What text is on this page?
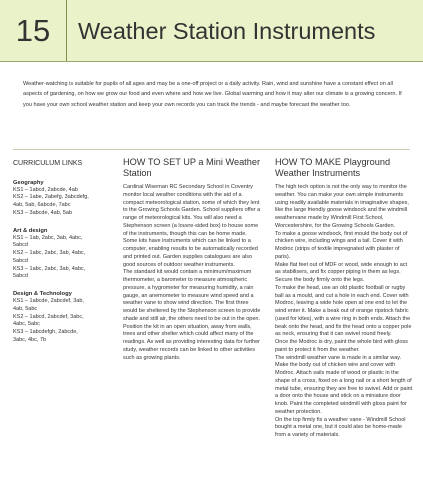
15	Weather Station Instruments

Weather-watching is suitable for pupils of all ages and may be a one-off project or a daily activity. Rain, wind and sunshine have a constant effect on all aspects of gardening, on how we grow our food and even where and how we live. Global warming and how it may alter our climate is a growing concern. If you have your own school weather station and keep your own records you can track the trends - and maybe forecast the weather too.

CURRICULUM LINKS
Geography
KS1 – 1abcd, 2abcde, 4ab
KS2 – 1abe, 2abefg, 3abcdefg, 4ab, 5ab, 6abcde, 7abc
KS3 – 3abcde, 4ab, 5ab
Art & design
KS1 – 1ab, 2abc, 3ab, 4abc, 5abcd
KS2 – 1abc, 2abc, 3ab, 4abc, 5abcd
KS3 – 1abc, 2abc, 3ab, 4abc, 5abcd
Design & Technology
KS1 – 1abcde, 2abcdef, 3ab, 4ab, 5abc
KS2 – 1abcd, 2abcdef, 3abc, 4abc, 5abc
KS3 – 1abcdefgh, 2abcde, 3abc, 4bc, 7b
HOW TO SET UP a Mini Weather Station

Cardinal Wiseman RC Secondary School in Coventry monitor local weather conditions with the aid of a compact meteorological station, some of which they lent to the Growing Schools Garden. School suppliers offer a range of meteorological kits. You will also need a Stephenson screen (a louvre-sided box) to house some of the instruments, though this can be home made. Some kits have instruments which can be linked to a computer, enabling results to be automatically recorded and printed out. Garden supplies catalogues are also good sources of outdoor weather instruments.
The standard kit would contain a minimum/maximum thermometer, a barometer to measure atmospheric pressure, a hygrometer for measuring humidity, a rain gauge, an anemometer to measure wind speed and a weather vane to show wind direction. The first three would be sheltered by the Stephenson screen to provide shade and still air, the others need to be out in the open.
Position the kit in an open situation, away from walls, trees and other shelter which could affect many of the readings. As well as providing interesting data for further study, weather records can be linked to other activities such as growing plants.

HOW TO MAKE Playground Weather Instruments

The high tech option is not the only way to monitor the weather. You can make your own simple instruments using readily available materials in imaginative shapes, like the large friendly goose windsock and the windmill weathervane made by Windmill First School, Worcestershire, for the Growing Schools Garden.
To make a goose windsock, first mould the body out of chicken wire, including wings and a tail. Cover it with Modroc (strips of textile impregnated with plaster of paris).
Make flat feet out of MDF or wood, wide enough to act as stabilisers, and fix copper piping in them as legs. Secure the body firmly onto the legs.
To make the head, use an old plastic football or rugby ball as a mould, and cut a hole in each end. Cover with Modroc, leaving a wide hole open at one end to let the wind enter it. Make a beak out of orange ripstock fabric (used for kites), with a wire ring in both ends. Attach the beak onto the head, and fix the head onto a copper pole as neck, ensuring that it can swivel round freely.
Once the Modroc is dry, paint the whole bird with gloss paint to protect it from the weather.
The windmill weather vane is made in a similar way. Make the body out of chicken wire and cover with Modroc. Attach sails made of wood or plastic in the shape of a cross, fixed on a long nail or a short length of metal tube, ensuring they are free to swivel. Add or paint a door onto the house and stick on a miniature door knob. Paint the completed windmill with gloss paint for weather protection.
On the top firmly fix a weather vane - Windmill School bought a metal one, but it could also be home-made from a variety of materials.
